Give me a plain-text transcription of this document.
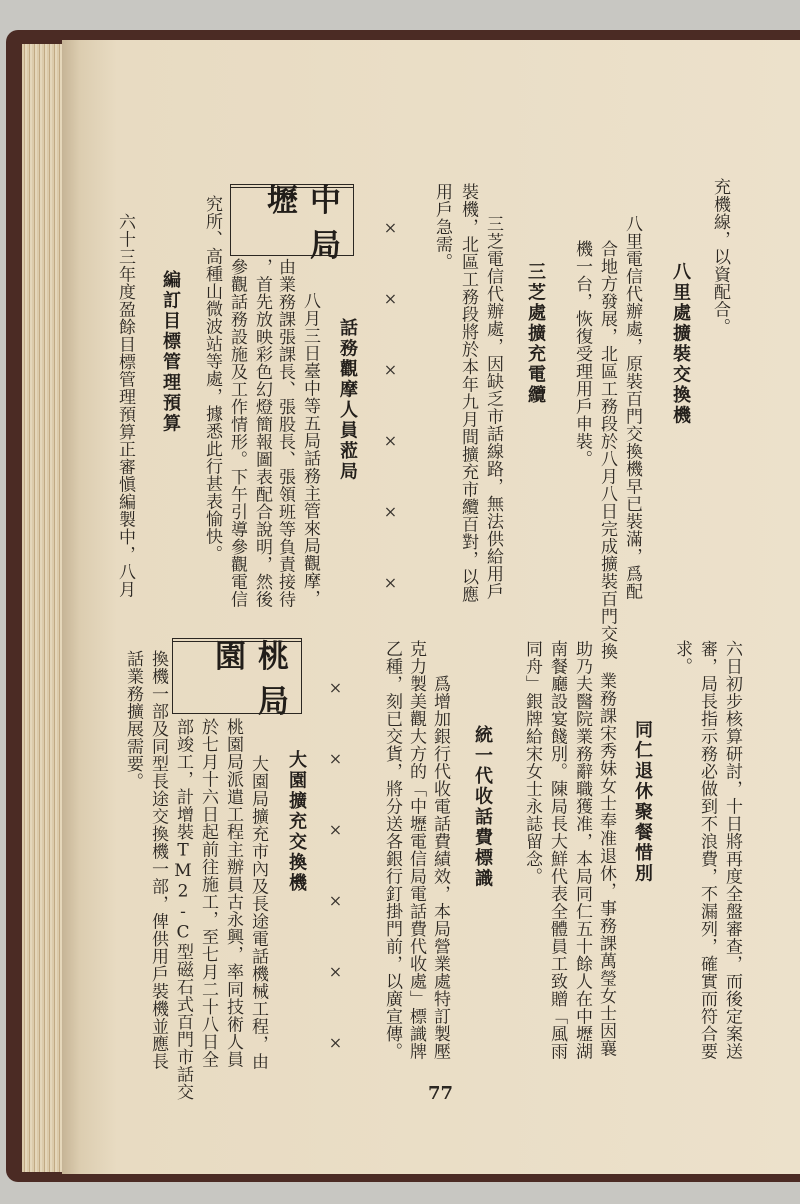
充機線，以資配合。
八里處擴裝交換機
八里電信代辦處，原裝百門交換機早已裝滿，爲配
合地方發展，北區工務段於八月八日完成擴裝百門交換
機一台，恢復受理用戶申裝。
三芝處擴充電纜
三芝電信代辦處，因缺乏市話線路，無法供給用戶
裝機，北區工務段將於本年九月間擴充市纜百對，以應
用戶急需。
××××××
話務觀摩人員蒞局
八月三日臺中等五局話務主管來局觀摩，
由業務課張課長、張股長、張領班等負責接待
，首先放映彩色幻燈簡報圖表配合說明，然後
參觀話務設施及工作情形。下午引導參觀電信
究所、高種山微波站等處，據悉此行甚表愉快。	中壢局
編訂目標管理預算
六十三年度盈餘目標管理預算正審愼編製中，八月
六日初步核算研討，十日將再度全盤審查，而後定案送
審，局長指示務必做到不浪費，不漏列，確實而符合要
求。
同仁退休聚餐惜別
業務課宋秀妹女士奉准退休，事務課萬瑩女士因襄
助乃夫醫院業務辭職獲准，本局同仁五十餘人在中壢湖
南餐廳設宴餞別。陳局長大鮮代表全體員工致贈「風雨
同舟」銀牌給宋女士永誌留念。
統一代收話費標識
爲增加銀行代收電話費績效，本局營業處特訂製壓
克力製美觀大方的「中壢電信局電話費代收處」標識牌
乙種，刻已交貨，將分送各銀行釘掛門前，以廣宣傳。
××××××
大園擴充交換機
大園局擴充市內及長途電話機械工程，由
桃園局派遣工程主辦員古永興，率同技術人員
於七月十六日起前往施工，至七月二十八日全
部竣工，計增裝TM2-C型磁石式百門市話交
換機一部及同型長途交換機一部，俾供用戶裝機並應長
話業務擴展需要。	桃園局
77
